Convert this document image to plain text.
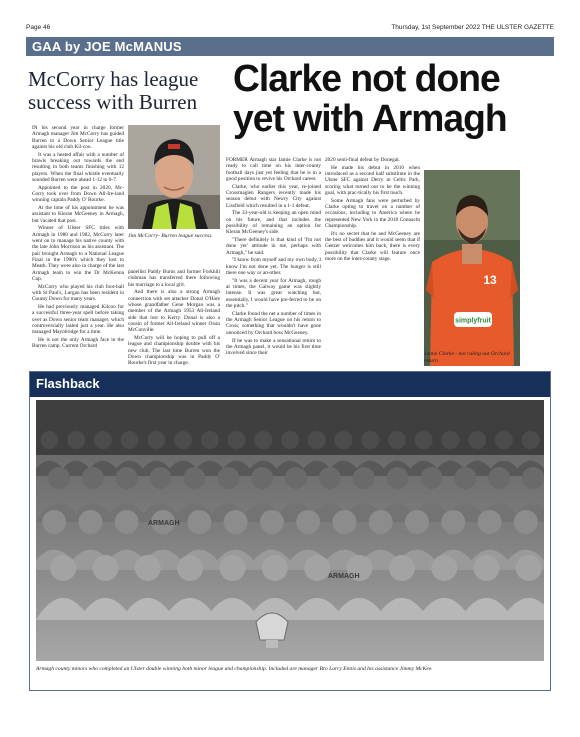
Page 46	Thursday, 1st September 2022 THE ULSTER GAZETTE
GAA by JOE McMANUS
McCorry has league success with Burren
Clarke not done yet with Armagh

IN his second year in charge former Armagh manager Jim McCorry has guided Burren to a Down Senior League title against his old club Kil-coo.

It was a heated affair with a number of brawls breaking out towards the end resulting in both teams finishing with 12 players. When the final whistle eventually sounded Burren were ahead 1-12 to 0-7.

Appointed to the post in 2020, Mc-Corry took over from Down All-Ire-land winning captain Paddy O' Rourke.

At the time of his appointment he was assistant to Kieran McGeeney in Armagh, but vacated that post.

Winner of Ulster SFC titles with Armagh in 1980 and 1982, McCorry later went on to manage his native county with the late John Morrison as his assistant. The pair brought Armagh to a National League Final in the 1990's which they lost to Meath. They were also in charge of the last Armagh team to win the Dr McKenna Cup.

McCorry who played his club foot-ball with St Paul's, Lurgan has been resident in County Down for many years.

He had previously managed Kilcoo for a successful three-year spell before taking over as Down senior team manager, which controversially lasted just a year. He also managed Mayobridge for a time.

He is not the only Armagh face in the Burren camp. Current Orchard

Jim McCorry- Burren league success.

panellist Paddy Burns and former Forkhill clubman has transferred there following his marriage to a local girl.

And there is also a strong Armagh connection with set attacker Donal O'Hare whose grandfather Gene Morgan was a member of the Armagh 1953 All-Ireland side that lost to Kerry. Donal is also a cousin of former All-Ireland winner Oisin McConville.

McCorry will be hoping to pull off a league and championship double with his new club. The last time Burren won the Down championship was in Paddy O' Rourke's first year in charge.

FORMER Armagh star Jamie Clarke is not ready to call time on his inter-county football days just yet feeling that he is in a good position to revive his Orchard career.

Clarke, who earlier this year, re-joined Crossmaglen Rangers recently made his season debut with Newry City against Lissfield which resulted in a 1-1 defeat.

The 33-year-old is keeping an open mind on his future, and that includes the possibility of remaining an option for Kieran McGeeney's side.

"There definitely is that kind of 'I'm not done yet' attitude in me, perhaps with Armagh," he said.

"I know from myself and my own body, I know I'm not done yet. The hunger is still there one way or an-other.

"It was a decent year for Armagh, rough at times, the Galway game was slightly intense. It was great watching but, essentially, I would have pre-ferred to be on the pitch."

Clarke found the net a number of times in the Armagh Senior League on his return to Cross, something that wouldn't have gone unnoticed by Orchard boss McGeeney.

If he was to make a sensational return to the Armagh panel, it would be his first time involved since their

2020 semi-final defeat by Donegal.

He made his debut in 2010 when introduced as a second half substitute in the Ulster SFC against Derry in Celtic Park, scoring what turned out to be the winning goal, with prac-tically his first touch.

Some Armagh fans were perturbed by Clarke opting to travel on a number of occasions, including to America where he represented New York in the 2018 Connacht Championship.

It's no secret that he and McGeeney are the best of buddies and it would seem that if Geezer welcomes him back, there is every possibility that Clarke will feature once more on the inter-county stage.

simplyfruit
13
Jamie Clarke - not ruling out Orchard return.
Flashback
ARMAGH
ARMAGH
Armagh county minors who completed an Ulster double winning both minor league and championship. Included are manager Bro Larry Ennis and his assistance Jimmy McKee.
